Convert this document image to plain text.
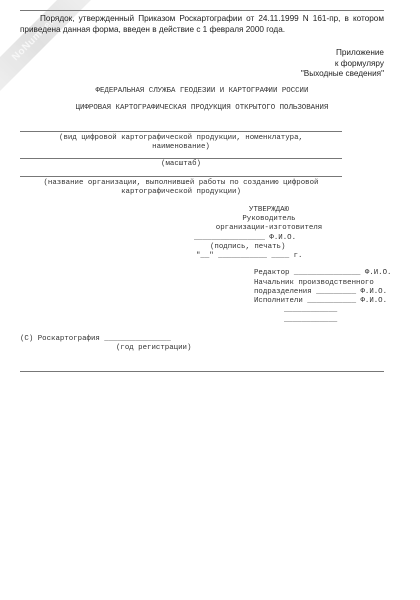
NoNumbers
Порядок, утвержденный Приказом Роскартографии от 24.11.1999 N 161-пр, в котором приведена данная форма, введен в действие с 1 февраля 2000 года.
Приложение
к формуляру
"Выходные сведения"
ФЕДЕРАЛЬНАЯ СЛУЖБА ГЕОДЕЗИИ И КАРТОГРАФИИ РОССИИ
ЦИФРОВАЯ КАРТОГРАФИЧЕСКАЯ ПРОДУКЦИЯ ОТКРЫТОГО ПОЛЬЗОВАНИЯ
(вид цифровой картографической продукции, номенклатура,
наименование)
(масштаб)
(название организации, выполнившей работы по созданию цифровой
картографической продукции)
УТВЕРЖДАЮ
Руководитель
организации-изготовителя
________________ Ф.И.О.
(подпись, печать)
"__" ___________ ____ г.
Редактор _______________ Ф.И.О.
Начальник производственного
подразделения _________ Ф.И.О.
Исполнители ___________ Ф.И.О.
____________
____________
(C) Роскартография _______________
(год регистрации)
